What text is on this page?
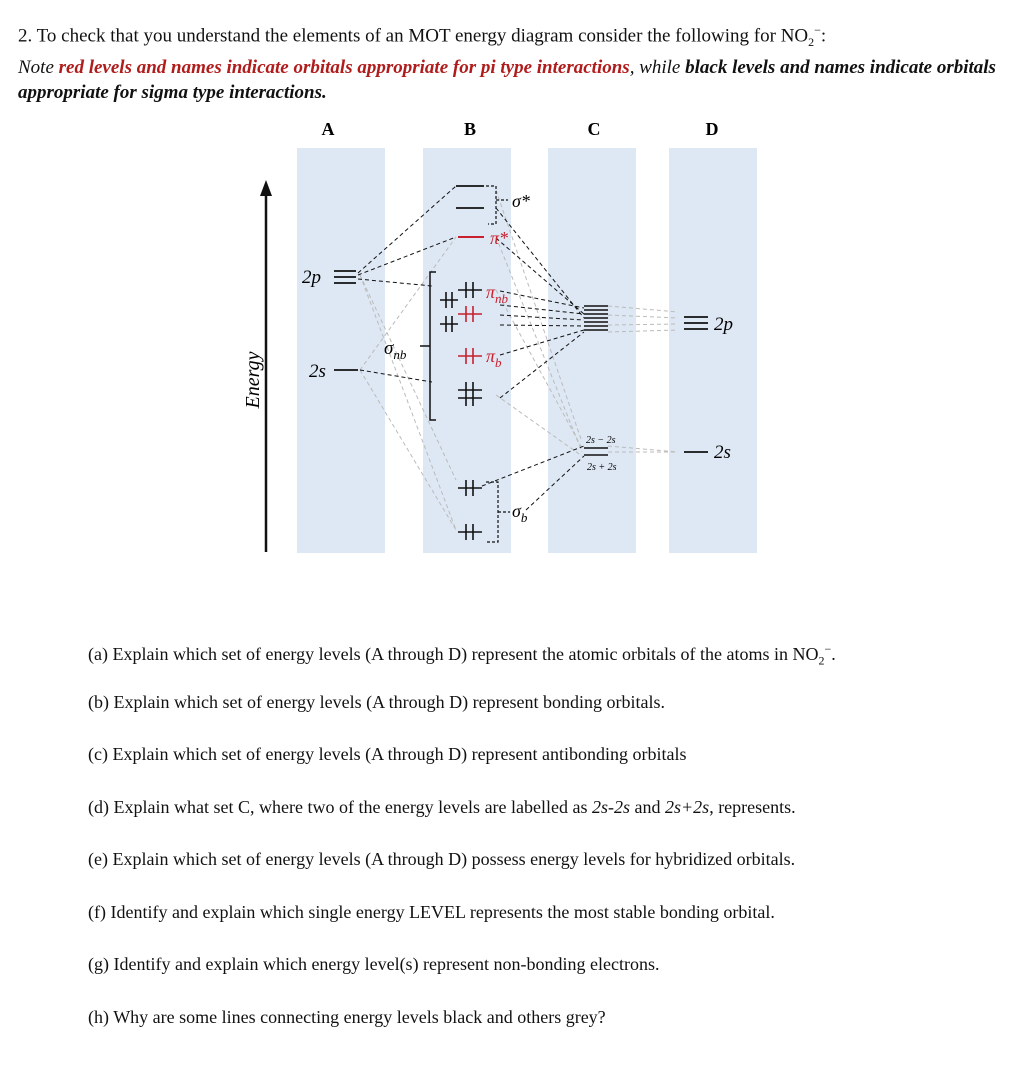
2. To check that you understand the elements of an MOT energy diagram consider the following for $NO_2^-$:
Note red levels and names indicate orbitals appropriate for pi type interactions, while black levels and names indicate orbitals appropriate for sigma type interactions.
A	B	C	D
Energy
2p
2s
σ*
π*
$\sigma_{nb}$
$\pi_{nb}$
$\pi_b$
$\sigma_b$
2s − 2s
2s + 2s
2p
2s
(a) Explain which set of energy levels (A through D) represent the atomic orbitals of the atoms in $NO_2^-$.
(b) Explain which set of energy levels (A through D) represent bonding orbitals.
(c) Explain which set of energy levels (A through D) represent antibonding orbitals
(d) Explain what set C, where two of the energy levels are labelled as 2s-2s and 2s+2s, represents.
(e) Explain which set of energy levels (A through D) possess energy levels for hybridized orbitals.
(f) Identify and explain which single energy LEVEL represents the most stable bonding orbital.
(g) Identify and explain which energy level(s) represent non-bonding electrons.
(h) Why are some lines connecting energy levels black and others grey?
